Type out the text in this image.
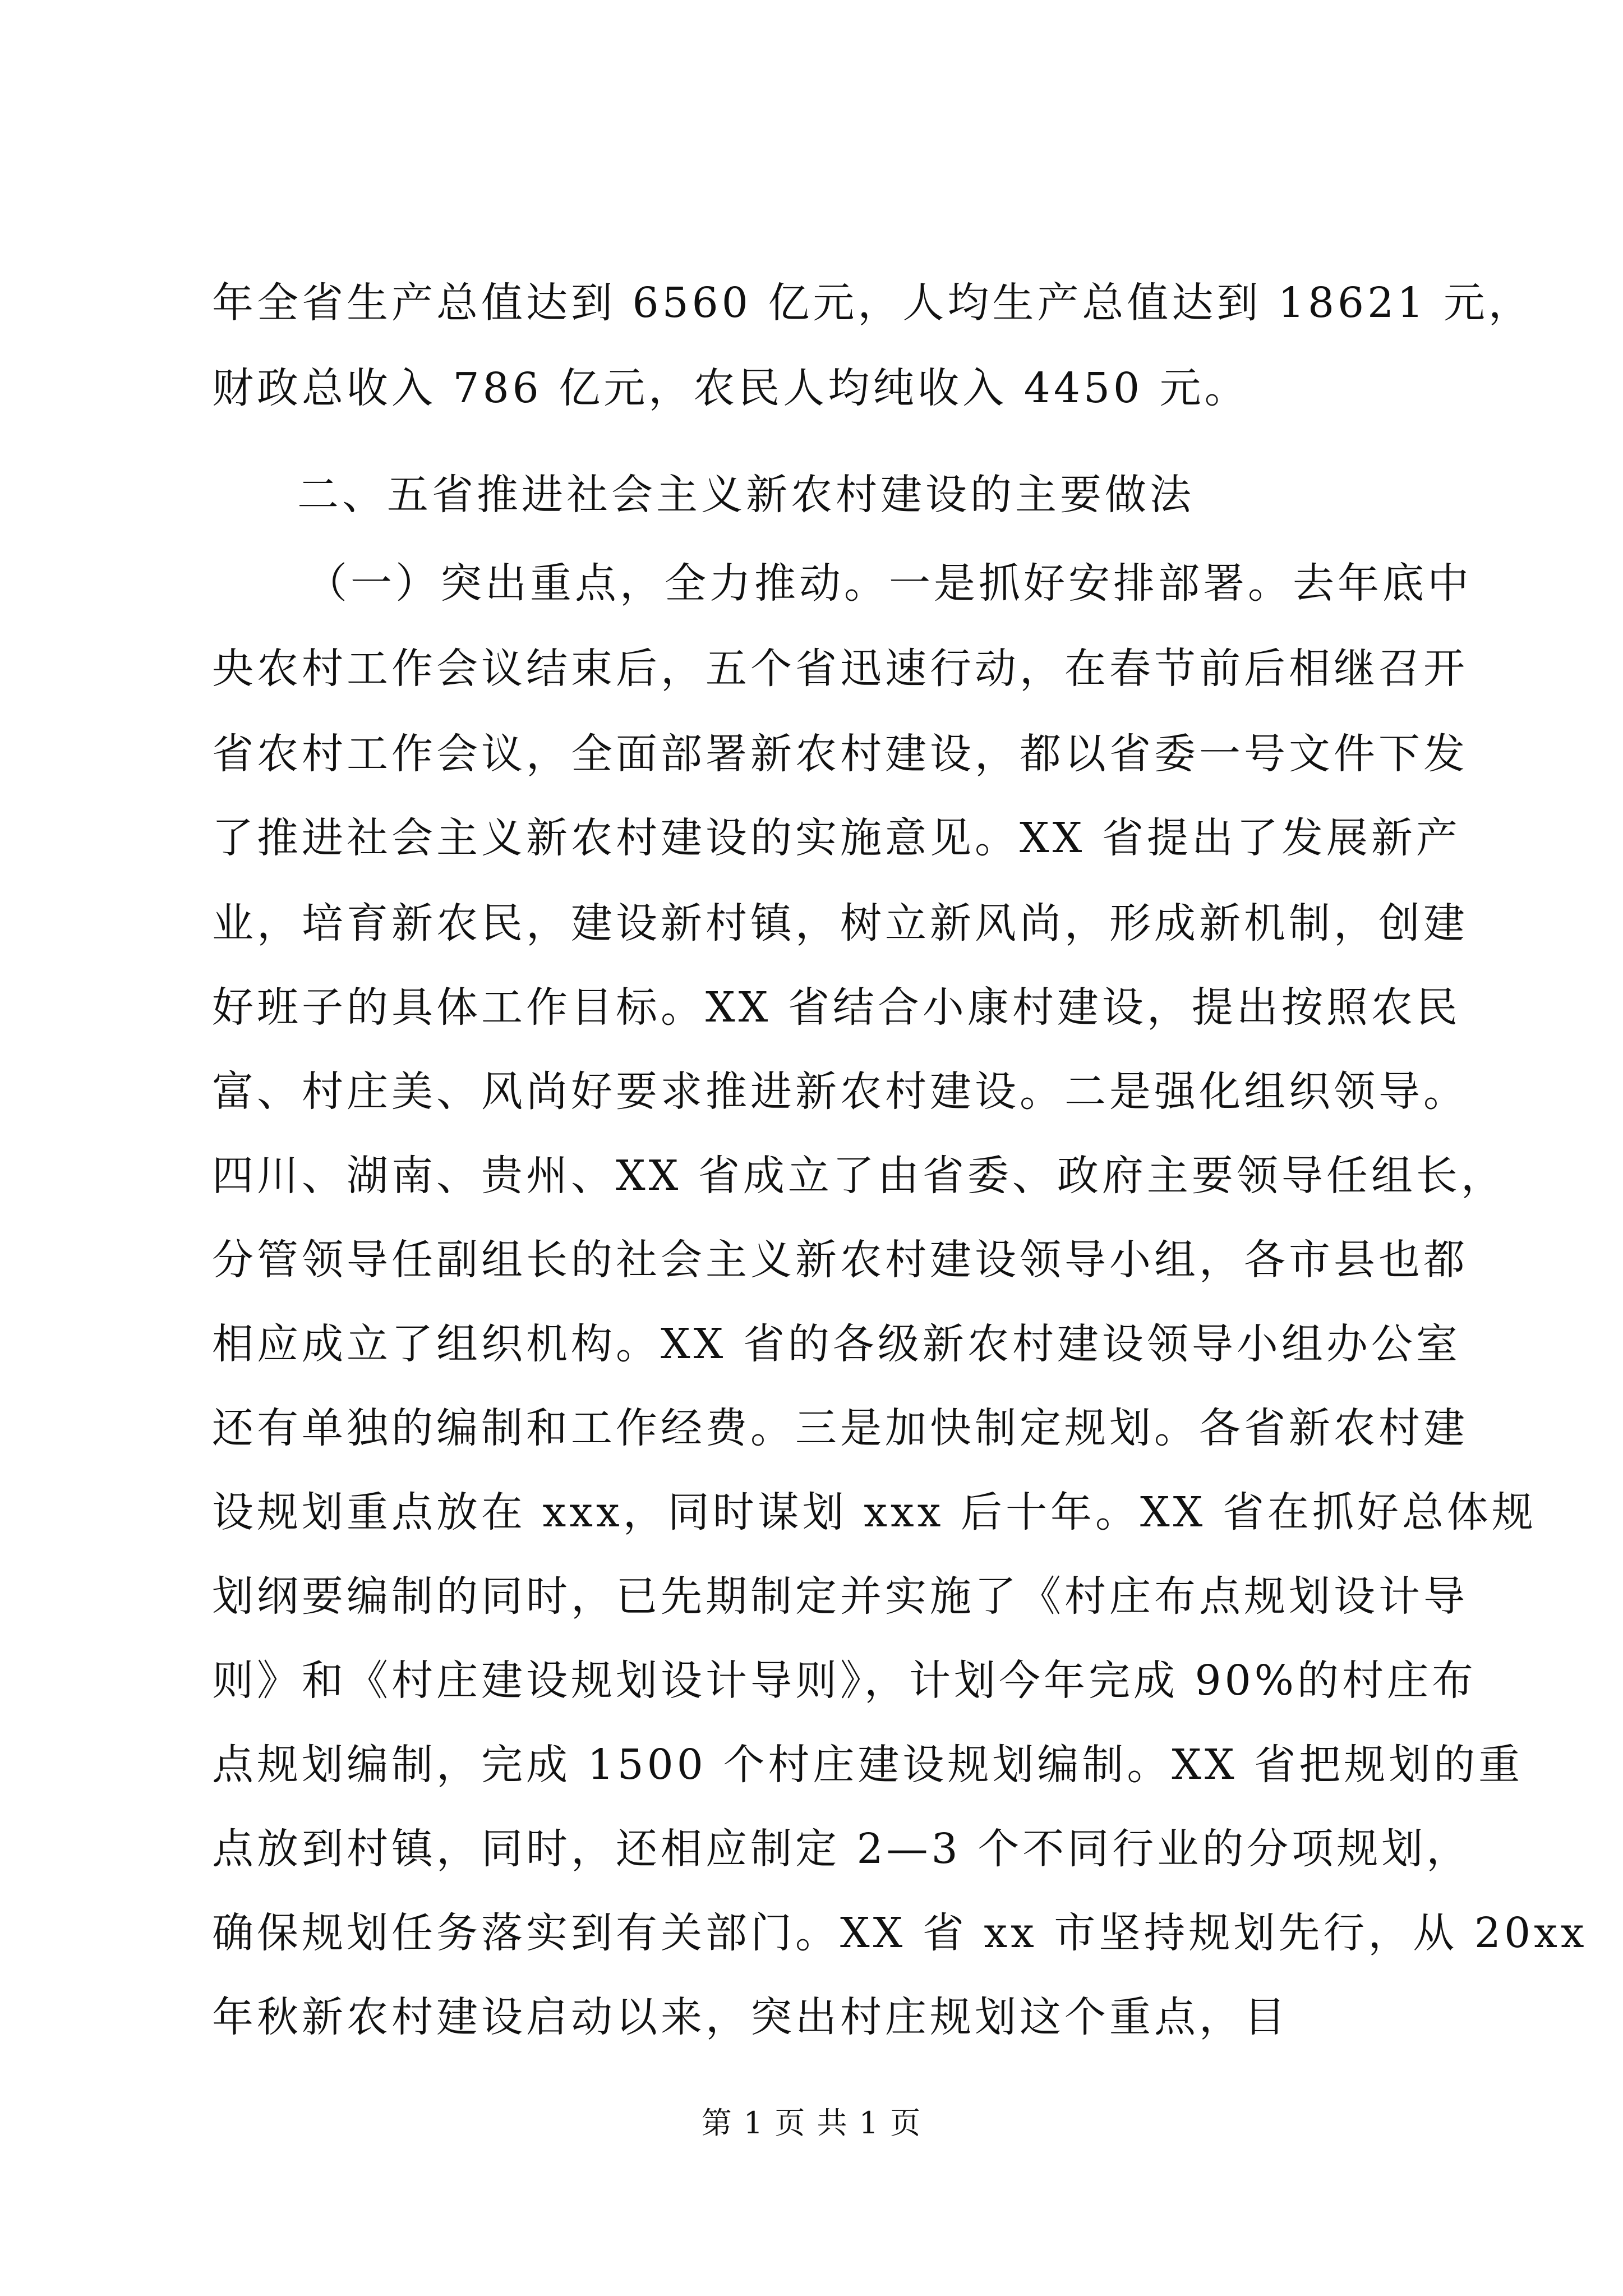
年全省生产总值达到 6560 亿元，人均生产总值达到 18621 元，
财政总收入 786 亿元，农民人均纯收入 4450 元。
二、五省推进社会主义新农村建设的主要做法
（一）突出重点，全力推动。一是抓好安排部署。去年底中
央农村工作会议结束后，五个省迅速行动，在春节前后相继召开
省农村工作会议，全面部署新农村建设，都以省委一号文件下发
了推进社会主义新农村建设的实施意见。XX 省提出了发展新产
业，培育新农民，建设新村镇，树立新风尚，形成新机制，创建
好班子的具体工作目标。XX 省结合小康村建设，提出按照农民
富、村庄美、风尚好要求推进新农村建设。二是强化组织领导。
四川、湖南、贵州、XX 省成立了由省委、政府主要领导任组长，
分管领导任副组长的社会主义新农村建设领导小组，各市县也都
相应成立了组织机构。XX 省的各级新农村建设领导小组办公室
还有单独的编制和工作经费。三是加快制定规划。各省新农村建
设规划重点放在 xxx，同时谋划 xxx 后十年。XX 省在抓好总体规
划纲要编制的同时，已先期制定并实施了《村庄布点规划设计导
则》和《村庄建设规划设计导则》，计划今年完成 90%的村庄布
点规划编制，完成 1500 个村庄建设规划编制。XX 省把规划的重
点放到村镇，同时，还相应制定 2—3 个不同行业的分项规划，
确保规划任务落实到有关部门。XX 省 xx 市坚持规划先行，从 20xx
年秋新农村建设启动以来，突出村庄规划这个重点，目
第 1 页 共 1 页
